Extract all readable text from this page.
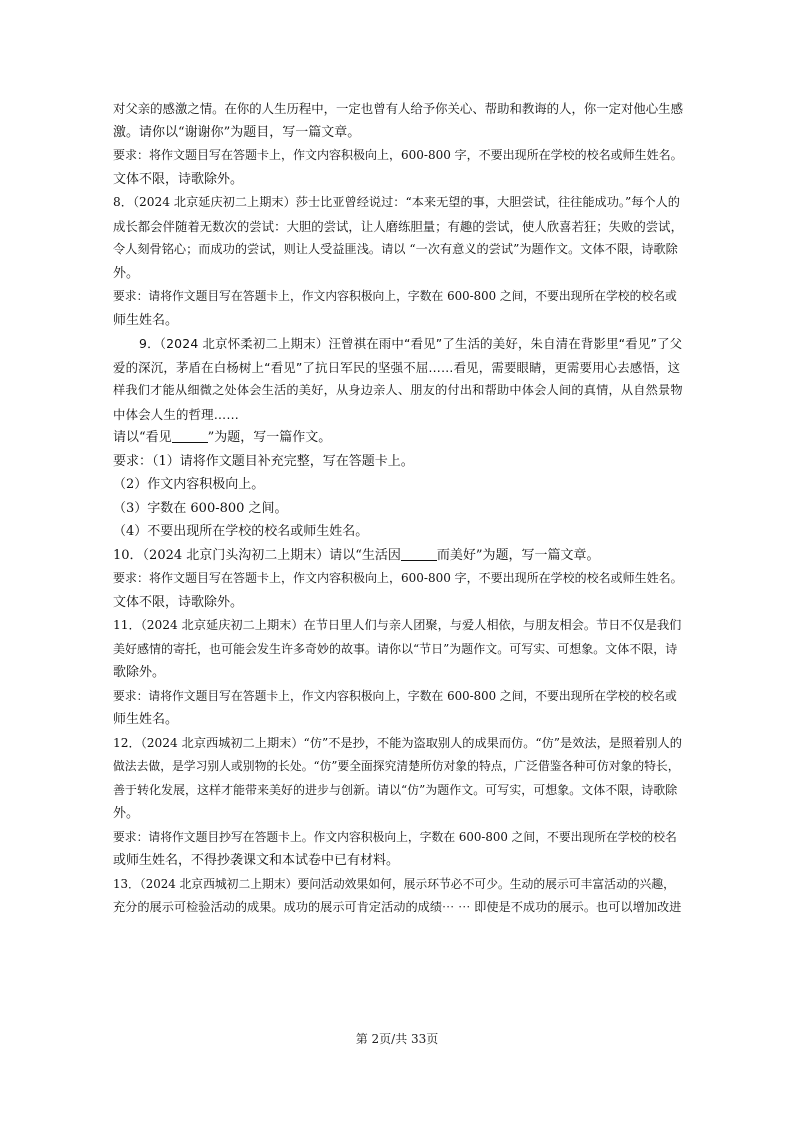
对父亲的感激之情。在你的人生历程中，一定也曾有人给予你关心、帮助和教诲的人，你一定对他心生感

激。请你以“谢谢你”为题目，写一篇文章。

要求：将作文题目写在答题卡上，作文内容积极向上，600-800 字，不要出现所在学校的校名或师生姓名。

文体不限，诗歌除外。

8．（2024 北京延庆初二上期末）莎士比亚曾经说过：“本来无望的事，大胆尝试，往往能成功。”每个人的

成长都会伴随着无数次的尝试：大胆的尝试，让人磨练胆量；有趣的尝试，使人欣喜若狂；失败的尝试，

令人刻骨铭心；而成功的尝试，则让人受益匪浅。请以 “一次有意义的尝试”为题作文。文体不限，诗歌除

外。

要求：请将作文题目写在答题卡上，作文内容积极向上，字数在 600-800 之间，不要出现所在学校的校名或

师生姓名。

9．（2024 北京怀柔初二上期末）汪曾祺在雨中“看见”了生活的美好，朱自清在背影里“看见”了父

爱的深沉，茅盾在白杨树上“看见”了抗日军民的坚强不屈……看见，需要眼睛，更需要用心去感悟，这

样我们才能从细微之处体会生活的美好，从身边亲人、朋友的付出和帮助中体会人间的真情，从自然景物

中体会人生的哲理……

请以“看见	”为题，写一篇作文。

要求：（1）请将作文题目补充完整，写在答题卡上。

（2）作文内容积极向上。

（3）字数在 600-800 之间。

（4）不要出现所在学校的校名或师生姓名。

10．（2024 北京门头沟初二上期末）请以“生活因	而美好”为题，写一篇文章。

要求：将作文题目写在答题卡上，作文内容积极向上，600-800 字，不要出现所在学校的校名或师生姓名。

文体不限，诗歌除外。

11．（2024 北京延庆初二上期末）在节日里人们与亲人团聚，与爱人相依，与朋友相会。节日不仅是我们

美好感情的寄托，也可能会发生许多奇妙的故事。请你以“节日”为题作文。可写实、可想象。文体不限，诗

歌除外。

要求：请将作文题目写在答题卡上，作文内容积极向上，字数在 600-800 之间，不要出现所在学校的校名或

师生姓名。

12．（2024 北京西城初二上期末）“仿”不是抄，不能为盗取别人的成果而仿。“仿”是效法，是照着别人的

做法去做，是学习别人或别物的长处。“仿”要全面探究清楚所仿对象的特点，广泛借鉴各种可仿对象的特长，

善于转化发展，这样才能带来美好的进步与创新。请以“仿”为题作文。可写实，可想象。文体不限，诗歌除

外。

要求：请将作文题目抄写在答题卡上。作文内容积极向上，字数在 600-800 之间，不要出现所在学校的校名

或师生姓名，不得抄袭课文和本试卷中已有材料。

13．（2024 北京西城初二上期末）要问活动效果如何，展示环节必不可少。生动的展示可丰富活动的兴趣，

充分的展示可检验活动的成果。成功的展示可肯定活动的成绩⋯ ⋯ 即使是不成功的展示。也可以增加改进

第 2页/共 33页
